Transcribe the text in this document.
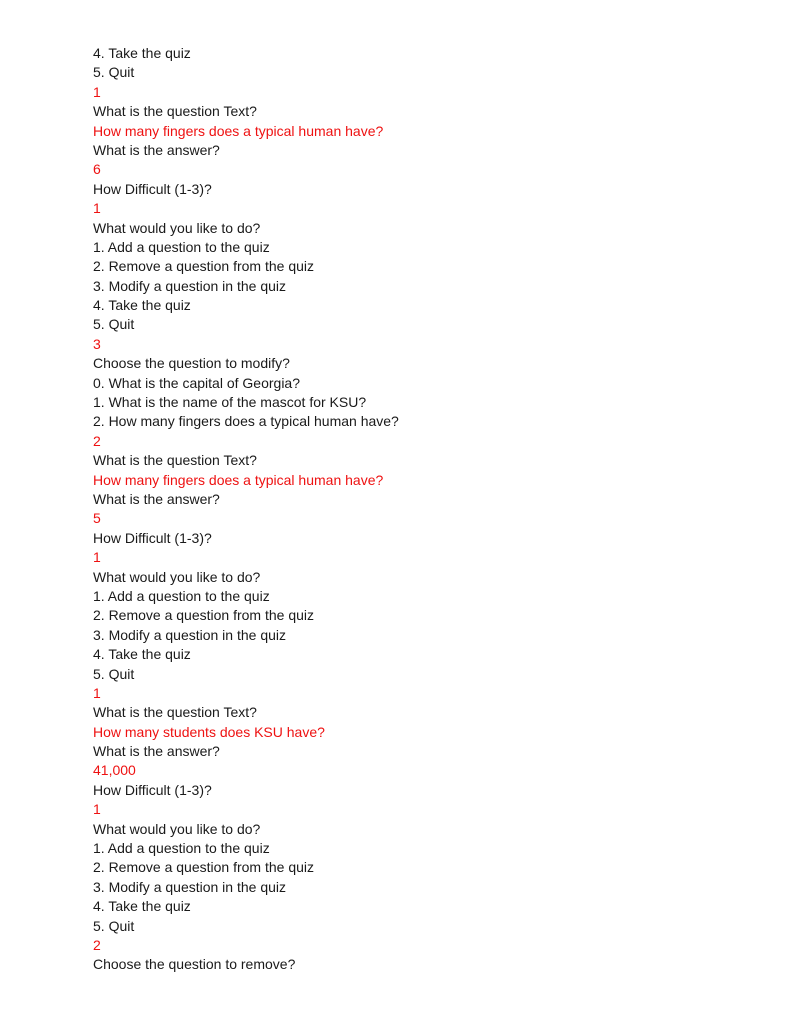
4. Take the quiz
5. Quit
1
What is the question Text?
How many fingers does a typical human have?
What is the answer?
6
How Difficult (1-3)?
1
What would you like to do?
1. Add a question to the quiz
2. Remove a question from the quiz
3. Modify a question in the quiz
4. Take the quiz
5. Quit
3
Choose the question to modify?
0. What is the capital of Georgia?
1. What is the name of the mascot for KSU?
2. How many fingers does a typical human have?
2
What is the question Text?
How many fingers does a typical human have?
What is the answer?
5
How Difficult (1-3)?
1
What would you like to do?
1. Add a question to the quiz
2. Remove a question from the quiz
3. Modify a question in the quiz
4. Take the quiz
5. Quit
1
What is the question Text?
How many students does KSU have?
What is the answer?
41,000
How Difficult (1-3)?
1
What would you like to do?
1. Add a question to the quiz
2. Remove a question from the quiz
3. Modify a question in the quiz
4. Take the quiz
5. Quit
2
Choose the question to remove?
